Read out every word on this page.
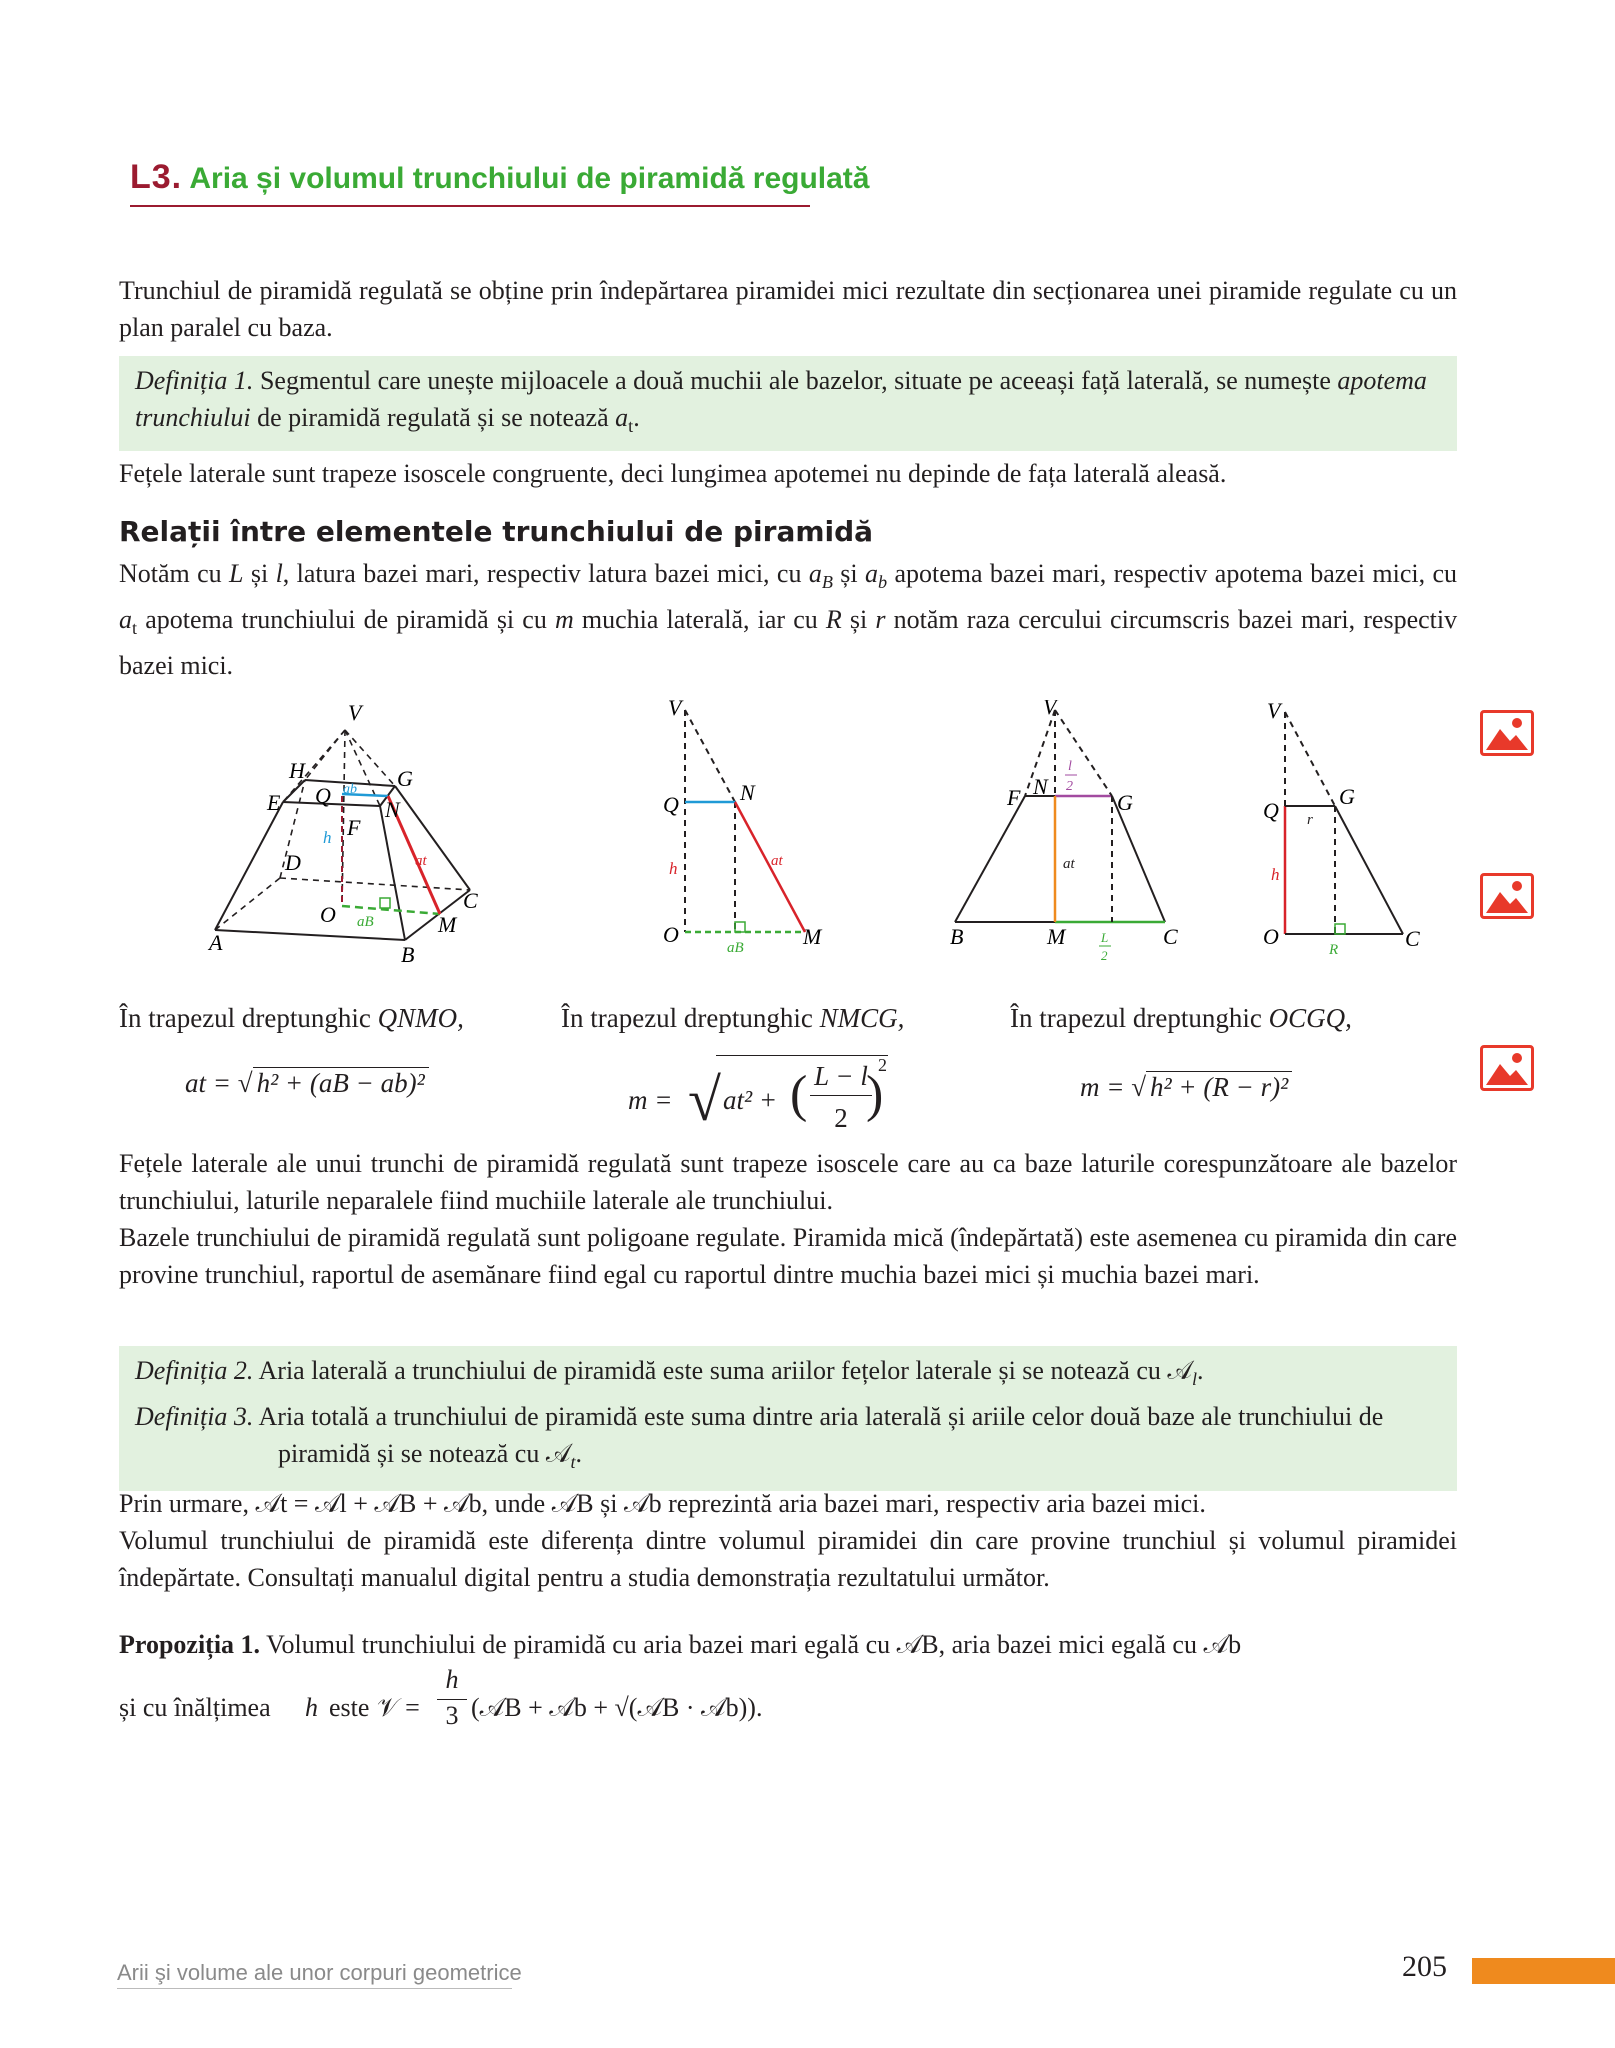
L3. Aria și volumul trunchiului de piramidă regulată
Trunchiul de piramidă regulată se obține prin îndepărtarea piramidei mici rezultate din secționarea unei piramide regulate cu un plan paralel cu baza.
Definiția 1. Segmentul care unește mijloacele a două muchii ale bazelor, situate pe aceeași față laterală, se numește apotema trunchiului de piramidă regulată și se notează $a_t$.
Fețele laterale sunt trapeze isoscele congruente, deci lungimea apotemei nu depinde de fața laterală aleasă.
Relații între elementele trunchiului de piramidă
Notăm cu L și l, latura bazei mari, respectiv latura bazei mici, cu $a_B$ și $a_b$ apotema bazei mari, respectiv apotema bazei mici, cu $a_t$ apotema trunchiului de piramidă și cu m muchia laterală, iar cu R și r notăm raza cercului circumscris bazei mari, respectiv bazei mici.
V
H	G
E Q ab
N
F
h
D	at
C
O aB	M
A	B
V
Q	N
h	at
O
aB	M
V
F N
l
2
G
at
B	M	L
2
C
V
Q
G
r
h
O
R	C
În trapezul dreptunghic QNMO,	În trapezul dreptunghic NMCG,	În trapezul dreptunghic OCGQ,
at = √ h² + (aB − ab)²
m = √ at² + ( L − l
2 )
2
m = √ h² + (R − r)²
Fețele laterale ale unui trunchi de piramidă regulată sunt trapeze isoscele care au ca baze laturile corespunzătoare ale bazelor trunchiului, laturile neparalele fiind muchiile laterale ale trunchiului.
Bazele trunchiului de piramidă regulată sunt poligoane regulate. Piramida mică (îndepărtată) este asemenea cu piramida din care provine trunchiul, raportul de asemănare fiind egal cu raportul dintre muchia bazei mici și muchia bazei mari.
Definiția 2. Aria laterală a trunchiului de piramidă este suma ariilor fețelor laterale și se notează cu 𝒜$_l$.
Definiția 3. Aria totală a trunchiului de piramidă este suma dintre aria laterală și ariile celor două baze ale trunchiului de piramidă și se notează cu 𝒜$_t$.
Prin urmare, 𝒜t = 𝒜l + 𝒜B + 𝒜b, unde 𝒜B și 𝒜b reprezintă aria bazei mari, respectiv aria bazei mici.
Volumul trunchiului de piramidă este diferența dintre volumul piramidei din care provine trunchiul și volumul piramidei îndepărtate. Consultați manualul digital pentru a studia demonstrația rezultatului următor.
Propoziția 1. Volumul trunchiului de piramidă cu aria bazei mari egală cu 𝒜B, aria bazei mici egală cu 𝒜b
și cu înălțimea h este 𝒱 =
h
3 (𝒜B + 𝒜b + √(𝒜B · 𝒜b)).
Arii şi volume ale unor corpuri geometrice	205
